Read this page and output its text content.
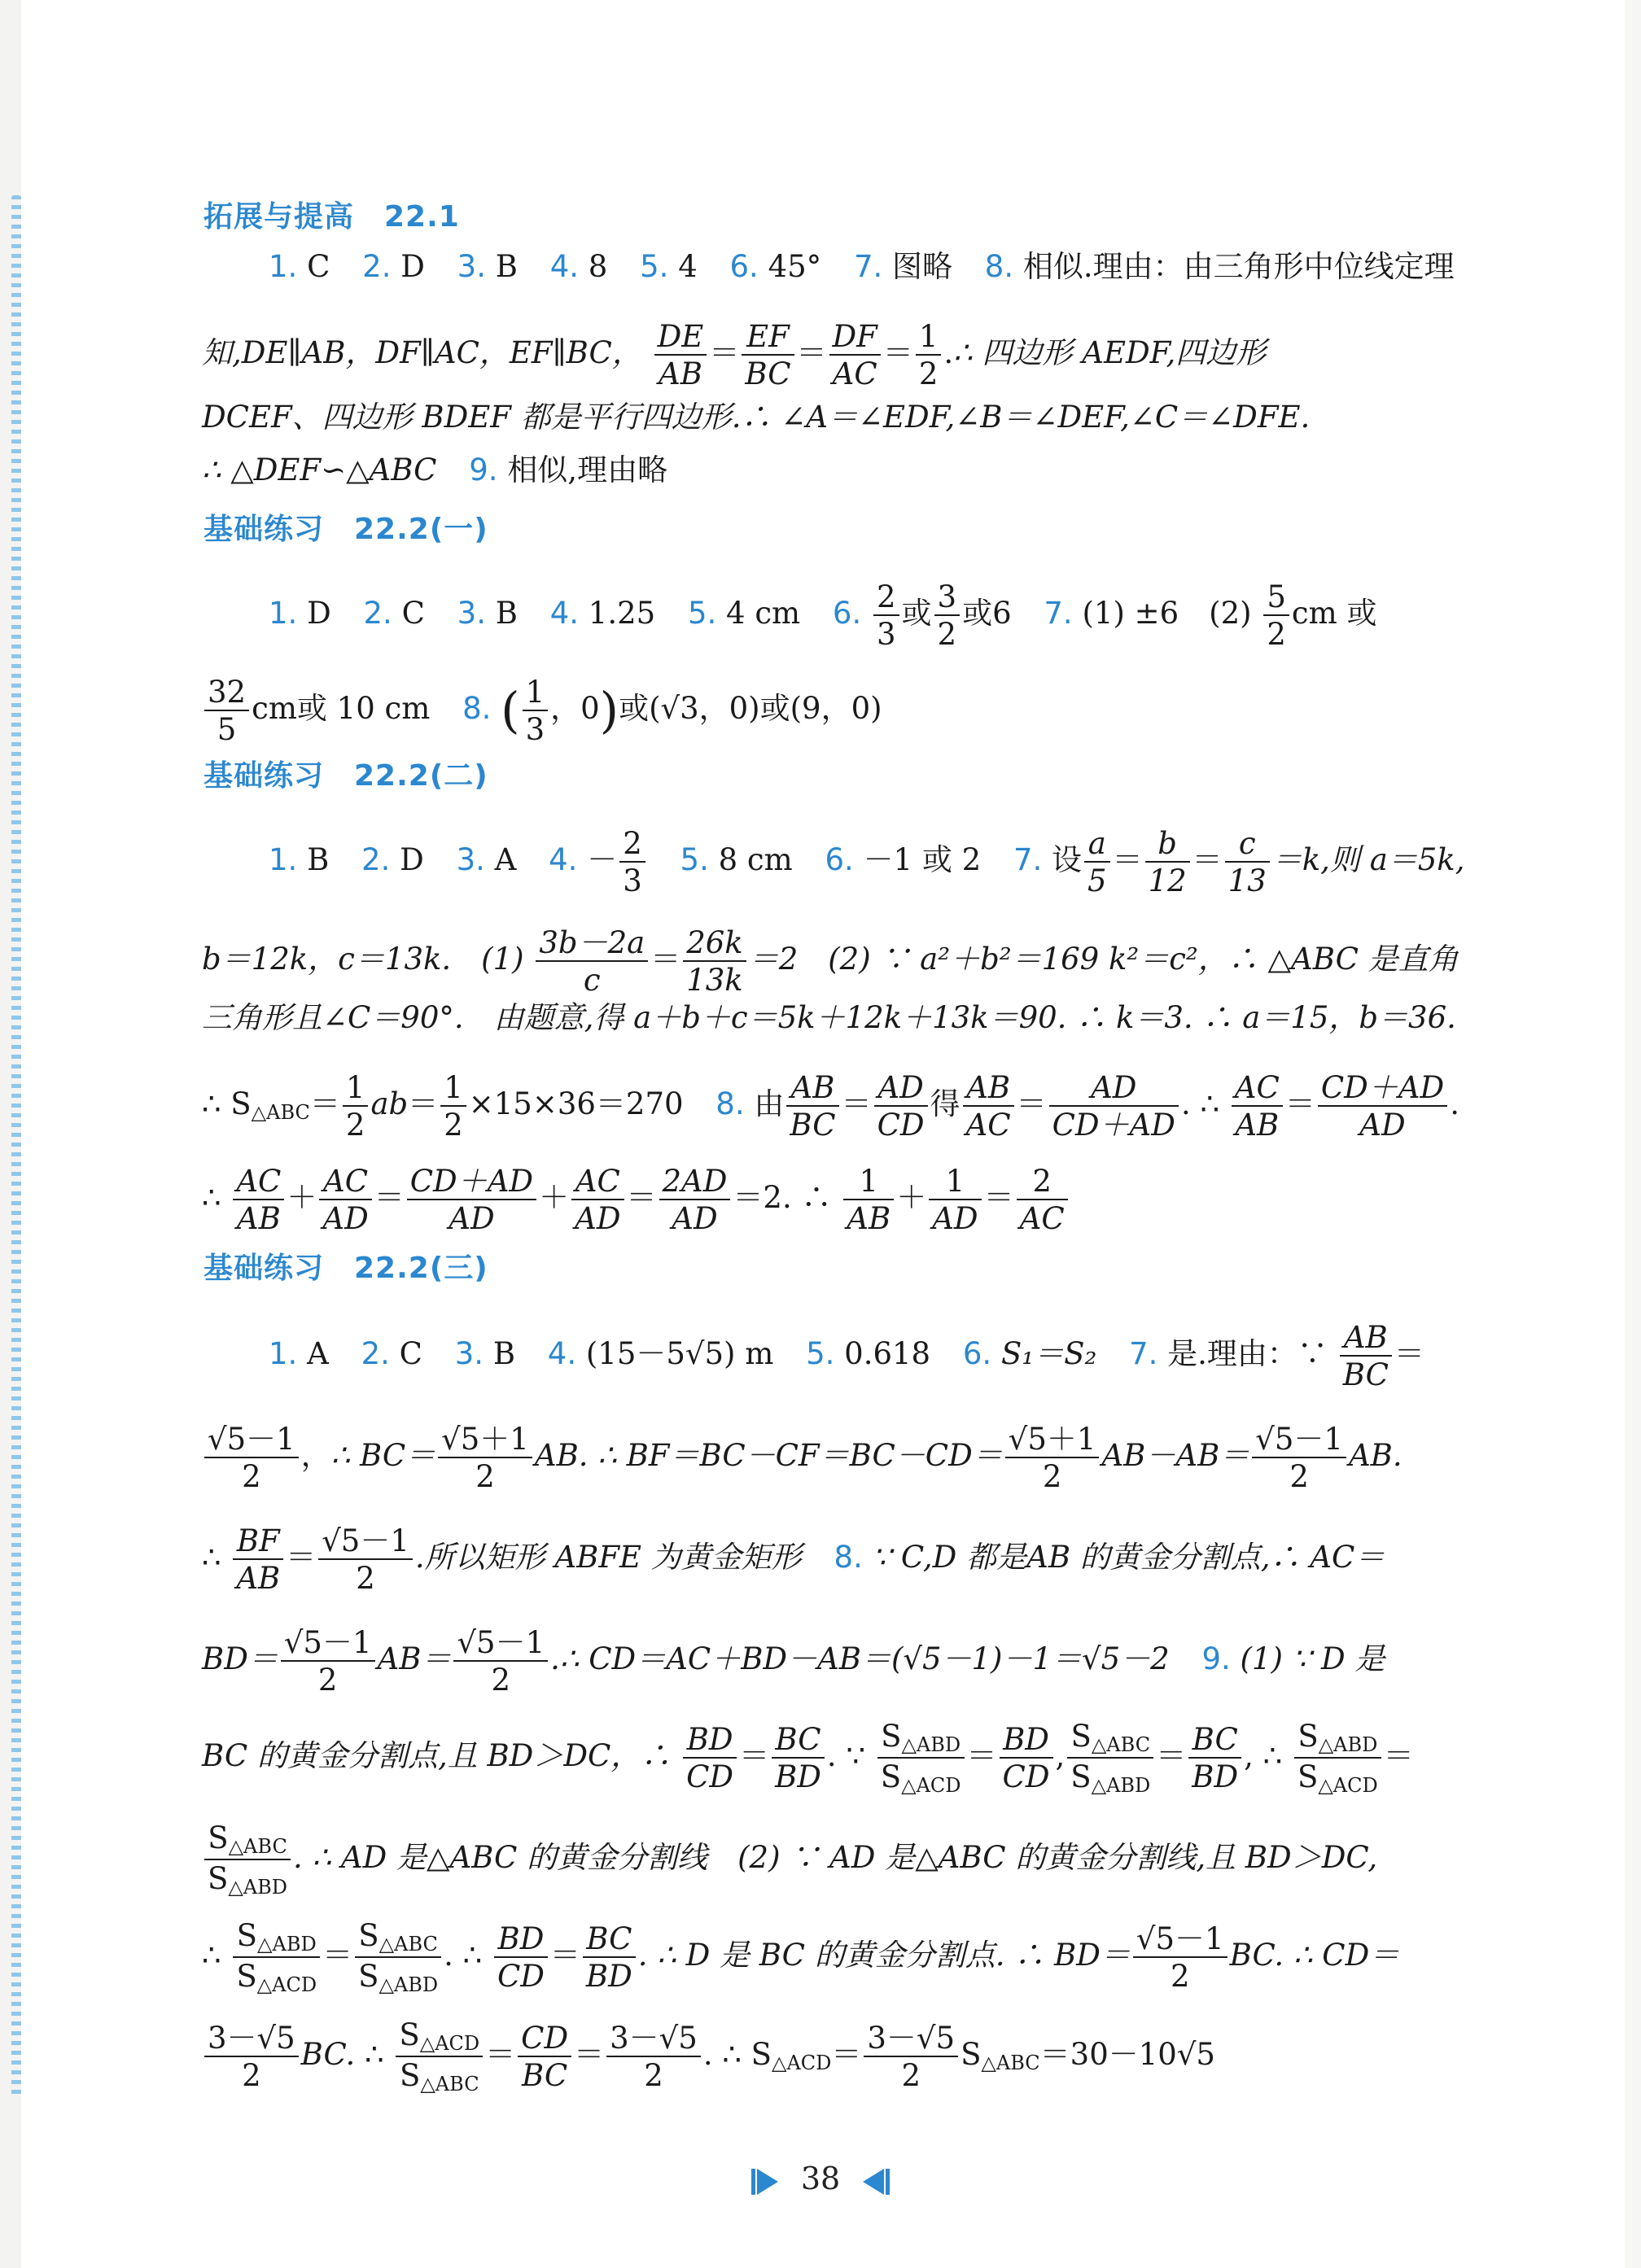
拓展与提高　22.1
1. C 2. D 3. B 4. 8 5. 4 6. 45° 7. 图略 8. 相似.理由：由三角形中位线定理
知,DE∥AB，DF∥AC，EF∥BC， $\frac{DE}{AB} = \frac{EF}{BC} = \frac{DF}{AC} = \frac{1}{2}$ .∴ 四边形 AEDF,四边形
DCEF、四边形 BDEF 都是平行四边形.∴ ∠A＝∠EDF,∠B＝∠DEF,∠C＝∠DFE.
∴ △DEF∽△ABC 9. 相似,理由略
基础练习　22.2(一)
1. D 2. C 3. B 4. 1.25 5. 4 cm 6. $\frac{2}{3}$ 或 $\frac{3}{2}$ 或6 7. (1) ±6　$(2) \frac{5}{2}$ cm 或
$\frac{32}{5}$ cm或 10 cm 8. ( $\frac{1}{3}$ ，0)或(√3，0)或(9，0)
基础练习　22.2(二)
1. B 2. D 3. A 4. － $\frac{2}{3} 5$. 8 cm 6. －1 或 2 7. 设 $\frac{a}{5} = \frac{b}{12} = \frac{c}{13} =k$,则 a＝5k,
b＝12k，c＝13k.　$(1) \frac{3b-2a}{c} = \frac{26k}{13k} =2$　(2) ∵ a²＋b²＝169 k²＝c²，∴ △ABC 是直角
三角形且∠C＝90°.　由题意,得 a＋b＋c＝5k＋12k＋13k＝90. ∴ k＝3. ∴ a＝15，b＝36.
∴ $S_{\triangle ABC}= \frac{1}{2} ab= \frac{1}{2} \times 15\times 36=270$ 8. 由 $\frac{AB}{BC} = \frac{AD}{CD}$ 得 $\frac{AB}{AC} = \frac{AD}{CD+AD}$ . ∴ $\frac{AC}{AB} = \frac{CD+AD}{AD}$ .
∴ $\frac{AC}{AB} + \frac{AC}{AD} = \frac{CD+AD}{AD} + \frac{AC}{AD} = \frac{2AD}{AD} =2$. ∴ $\frac{1}{AB} + \frac{1}{AD} = \frac{2}{AC}$
基础练习　22.2(三)
1. A 2. C 3. B 4. (15－5√5) m 5. 0.618 6. S₁＝S₂ 7. 是.理由：∵ $\frac{AB}{BC}$ ＝
$\frac{√5-1}{2}$ ，∴ $BC= \frac{√5+1}{2}$ AB. ∴ $BF=BC-CF=BC-CD= \frac{√5+1}{2} AB-AB= \frac{√5-1}{2}$ AB.
∴ $\frac{BF}{AB} = \frac{√5-1}{2}$ .所以矩形 ABFE 为黄金矩形 8. ∵ C,D 都是AB 的黄金分割点,∴ AC＝
$BD= \frac{√5-1}{2} AB= \frac{√5-1}{2}$ .∴ CD＝AC＋BD－AB＝(√5－1)－1＝√5－2 9. (1) ∵ D 是
BC 的黄金分割点,且 BD＞DC，∴ $\frac{BD}{CD} = \frac{BC}{BD}$ . ∵ $\frac{S_{\triangle ABD}}{S_{\triangle ACD}} = \frac{BD}{CD}$ , $\frac{S_{\triangle ABC}}{S_{\triangle ABD}} = \frac{BC}{BD}$ , ∴ $\frac{S_{\triangle ABD}}{S_{\triangle ACD}}$ ＝
$\frac{S_{\triangle ABC}}{S_{\triangle ABD}}$ . ∴ AD 是△ABC 的黄金分割线　(2) ∵ AD 是△ABC 的黄金分割线,且 BD＞DC,
∴ $\frac{S_{\triangle ABD}}{S_{\triangle ACD}} = \frac{S_{\triangle ABC}}{S_{\triangle ABD}}$ . ∴ $\frac{BD}{CD} = \frac{BC}{BD}$ . ∴ D 是 BC 的黄金分割点. ∴ $BD= \frac{√5-1}{2}$ BC. ∴ CD＝
$\frac{3-√5}{2}$ BC. ∴ $\frac{S_{\triangle ACD}}{S_{\triangle ABC}} = \frac{CD}{BC} = \frac{3-√5}{2}$ . ∴ $S_{\triangle ACD}= \frac{3-√5}{2} S_{\triangle ABC}=30-10√5$
38
